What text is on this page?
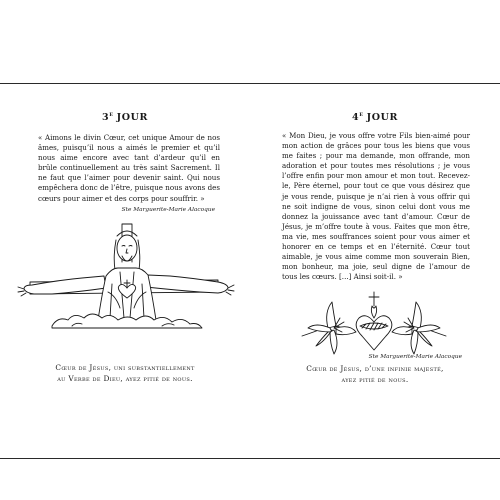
3e JOUR

« Aimons le divin Cœur, cet unique Amour de nos âmes, puisqu’il nous a aimés le premier et qu’il nous aime encore avec tant d’ardeur qu’il en brûle continuellement au très saint Sacrement. Il ne faut que l’aimer pour devenir saint. Qui nous empêchera donc de l’être, puisque nous avons des cœurs pour aimer et des corps pour souffrir. »

Ste Marguerite-Marie Alacoque
Cœur de Jésus, uni substantiellement
au Verbe de Dieu, ayez pitié de nous.
4e JOUR

« Mon Dieu, je vous offre votre Fils bien-aimé pour mon action de grâces pour tous les biens que vous me faites ; pour ma demande, mon offrande, mon adoration et pour toutes mes résolutions ; je vous l’offre enfin pour mon amour et mon tout. Recevez-le, Père éternel, pour tout ce que vous désirez que je vous rende, puisque je n’ai rien à vous offrir qui ne soit indigne de vous, sinon celui dont vous me donnez la jouissance avec tant d’amour. Cœur de Jésus, je m’offre toute à vous. Faites que mon être, ma vie, mes souffrances soient pour vous aimer et honorer en ce temps et en l’éternité. Cœur tout aimable, je vous aime comme mon souverain Bien, mon bonheur, ma joie, seul digne de l’amour de tous les cœurs. [...] Ainsi soit-il. »

Ste Marguerite-Marie Alacoque
Cœur de Jésus, d’une infinie majesté,
ayez pitié de nous.
